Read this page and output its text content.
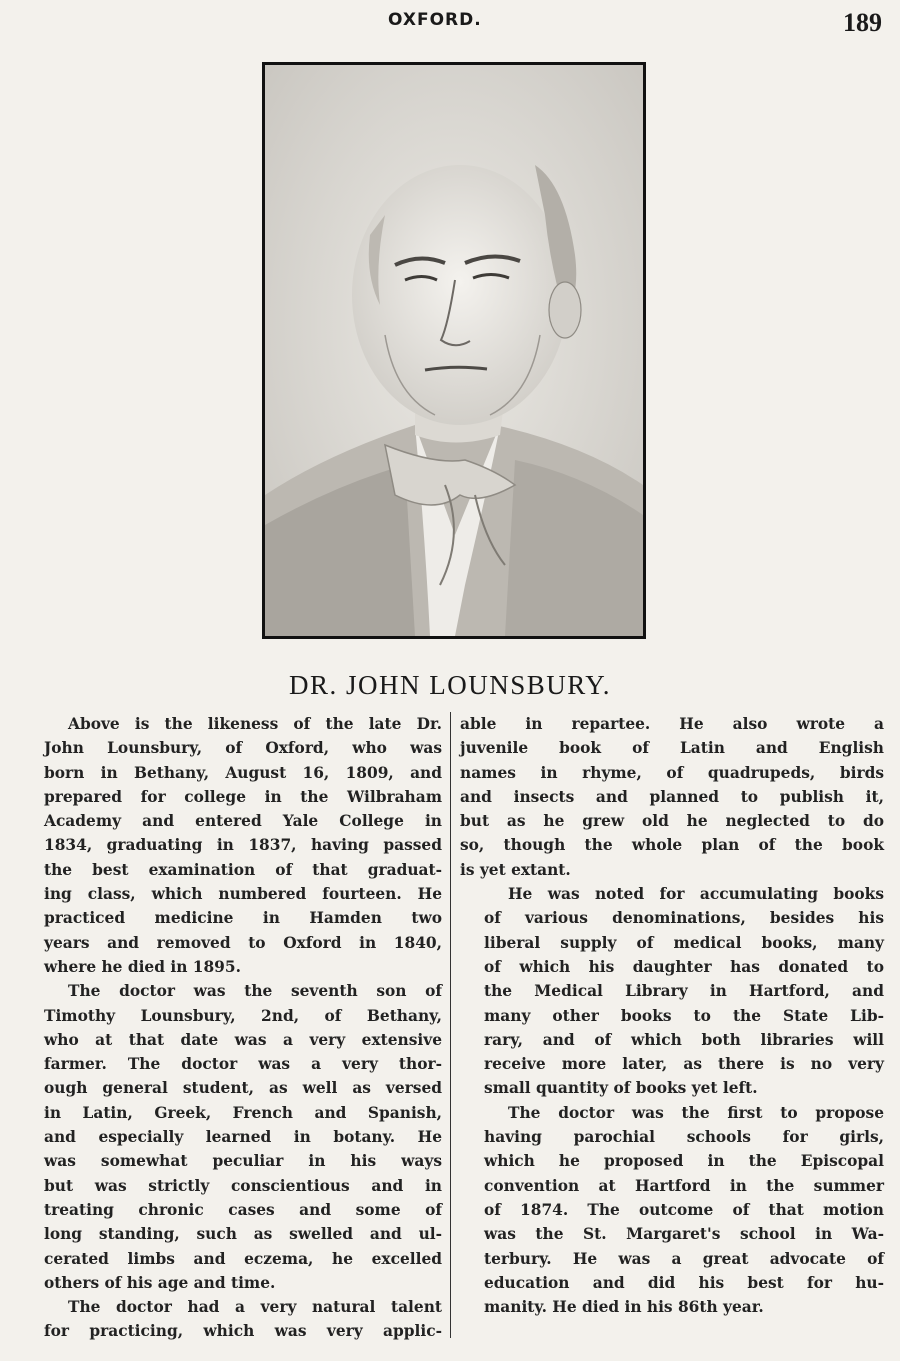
OXFORD.	189
DR. JOHN LOUNSBURY.

Above is the likeness of the late Dr.
John Lounsbury, of Oxford, who was
born in Bethany, August 16, 1809, and
prepared for college in the Wilbraham
Academy and entered Yale College in
1834, graduating in 1837, having passed
the best examination of that graduat-
ing class, which numbered fourteen. He
practiced medicine in Hamden two
years and removed to Oxford in 1840,
where he died in 1895.

The doctor was the seventh son of
Timothy Lounsbury, 2nd, of Bethany,
who at that date was a very extensive
farmer. The doctor was a very thor-
ough general student, as well as versed
in Latin, Greek, French and Spanish,
and especially learned in botany. He
was somewhat peculiar in his ways
but was strictly conscientious and in
treating chronic cases and some of
long standing, such as swelled and ul-
cerated limbs and eczema, he excelled
others of his age and time.

The doctor had a very natural talent
for practicing, which was very applic-

able in repartee. He also wrote a
juvenile book of Latin and English
names in rhyme, of quadrupeds, birds
and insects and planned to publish it,
but as he grew old he neglected to do
so, though the whole plan of the book
is yet extant.

He was noted for accumulating books
of various denominations, besides his
liberal supply of medical books, many
of which his daughter has donated to
the Medical Library in Hartford, and
many other books to the State Lib-
rary, and of which both libraries will
receive more later, as there is no very
small quantity of books yet left.

The doctor was the first to propose
having parochial schools for girls,
which he proposed in the Episcopal
convention at Hartford in the summer
of 1874. The outcome of that motion
was the St. Margaret's school in Wa-
terbury. He was a great advocate of
education and did his best for hu-
manity. He died in his 86th year.
